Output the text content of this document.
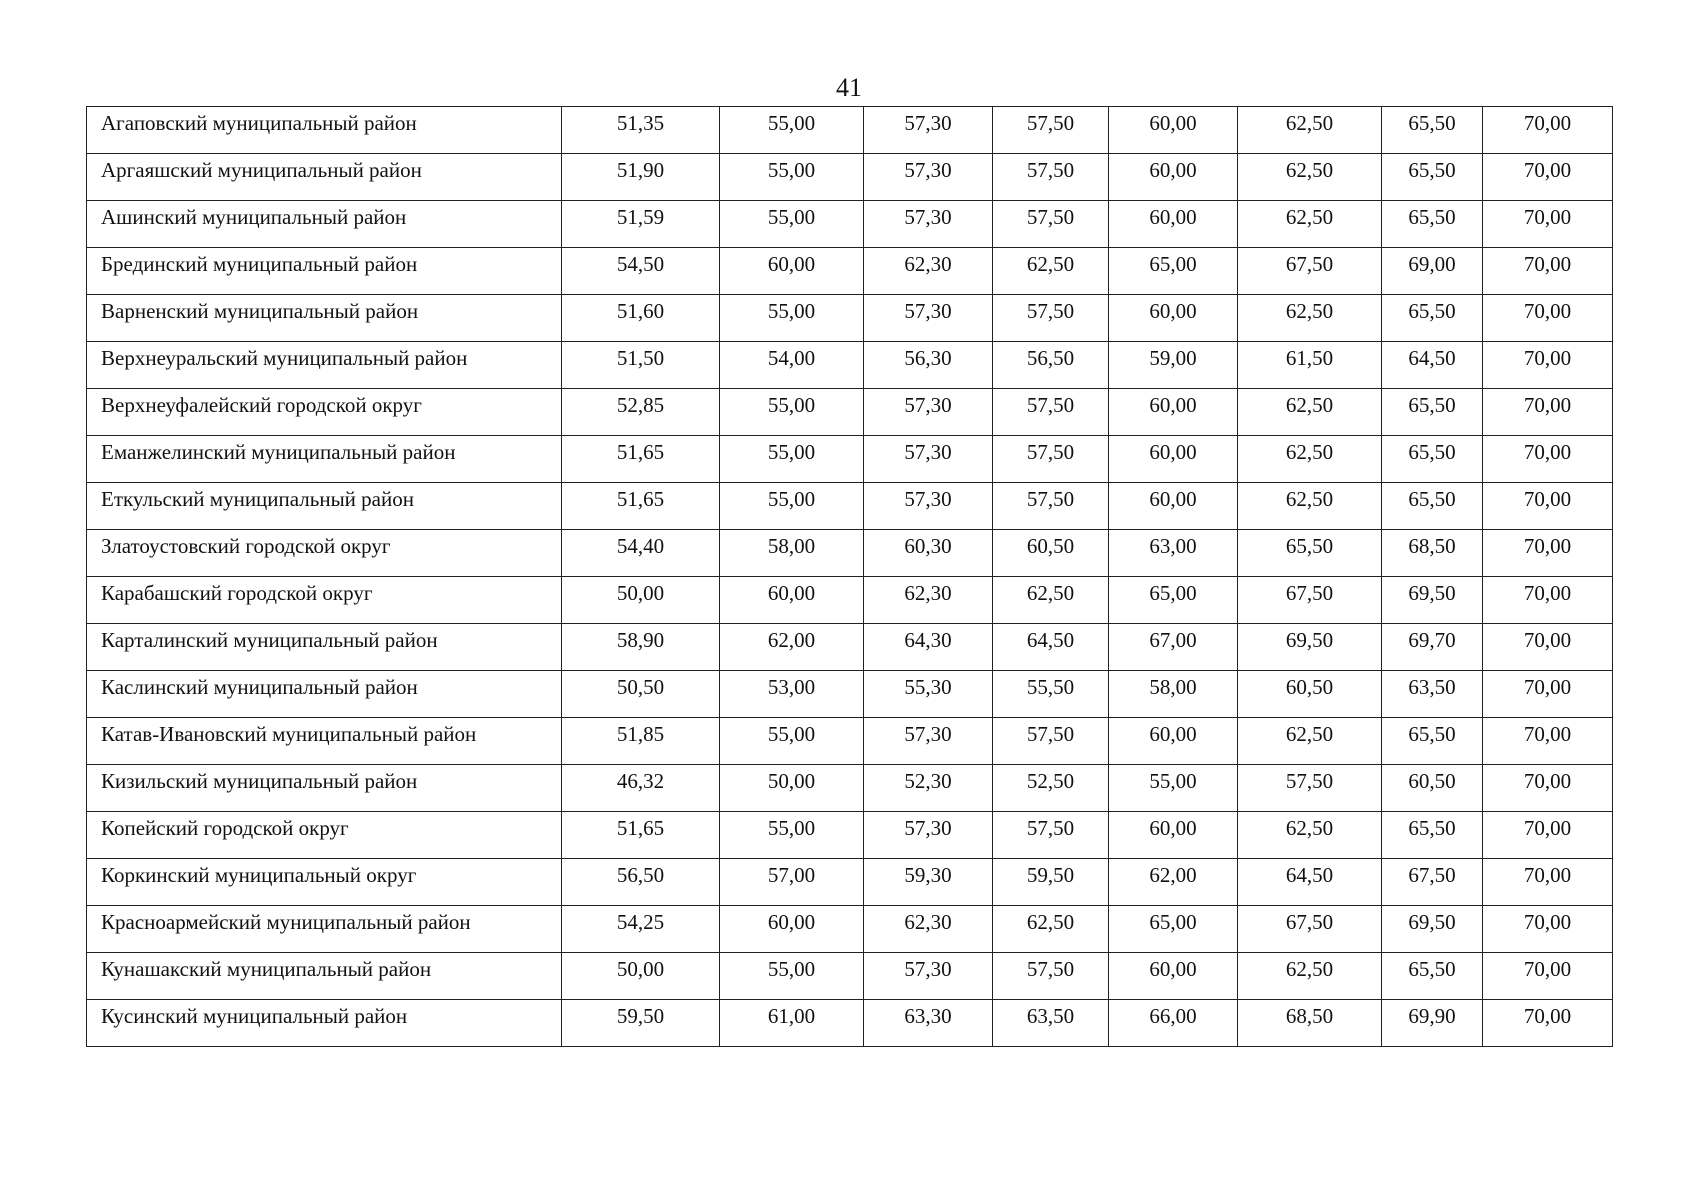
41
Агаповский муниципальный район	51,35	55,00	57,30	57,50	60,00	62,50	65,50	70,00
Аргаяшский муниципальный район	51,90	55,00	57,30	57,50	60,00	62,50	65,50	70,00
Ашинский муниципальный район	51,59	55,00	57,30	57,50	60,00	62,50	65,50	70,00
Брединский муниципальный район	54,50	60,00	62,30	62,50	65,00	67,50	69,00	70,00
Варненский муниципальный район	51,60	55,00	57,30	57,50	60,00	62,50	65,50	70,00
Верхнеуральский муниципальный район	51,50	54,00	56,30	56,50	59,00	61,50	64,50	70,00
Верхнеуфалейский городской округ	52,85	55,00	57,30	57,50	60,00	62,50	65,50	70,00
Еманжелинский муниципальный район	51,65	55,00	57,30	57,50	60,00	62,50	65,50	70,00
Еткульский муниципальный район	51,65	55,00	57,30	57,50	60,00	62,50	65,50	70,00
Златоустовский городской округ	54,40	58,00	60,30	60,50	63,00	65,50	68,50	70,00
Карабашский городской округ	50,00	60,00	62,30	62,50	65,00	67,50	69,50	70,00
Карталинский муниципальный район	58,90	62,00	64,30	64,50	67,00	69,50	69,70	70,00
Каслинский муниципальный район	50,50	53,00	55,30	55,50	58,00	60,50	63,50	70,00
Катав-Ивановский муниципальный район	51,85	55,00	57,30	57,50	60,00	62,50	65,50	70,00
Кизильский муниципальный район	46,32	50,00	52,30	52,50	55,00	57,50	60,50	70,00
Копейский городской округ	51,65	55,00	57,30	57,50	60,00	62,50	65,50	70,00
Коркинский муниципальный округ	56,50	57,00	59,30	59,50	62,00	64,50	67,50	70,00
Красноармейский муниципальный район	54,25	60,00	62,30	62,50	65,00	67,50	69,50	70,00
Кунашакский муниципальный район	50,00	55,00	57,30	57,50	60,00	62,50	65,50	70,00
Кусинский муниципальный район	59,50	61,00	63,30	63,50	66,00	68,50	69,90	70,00
